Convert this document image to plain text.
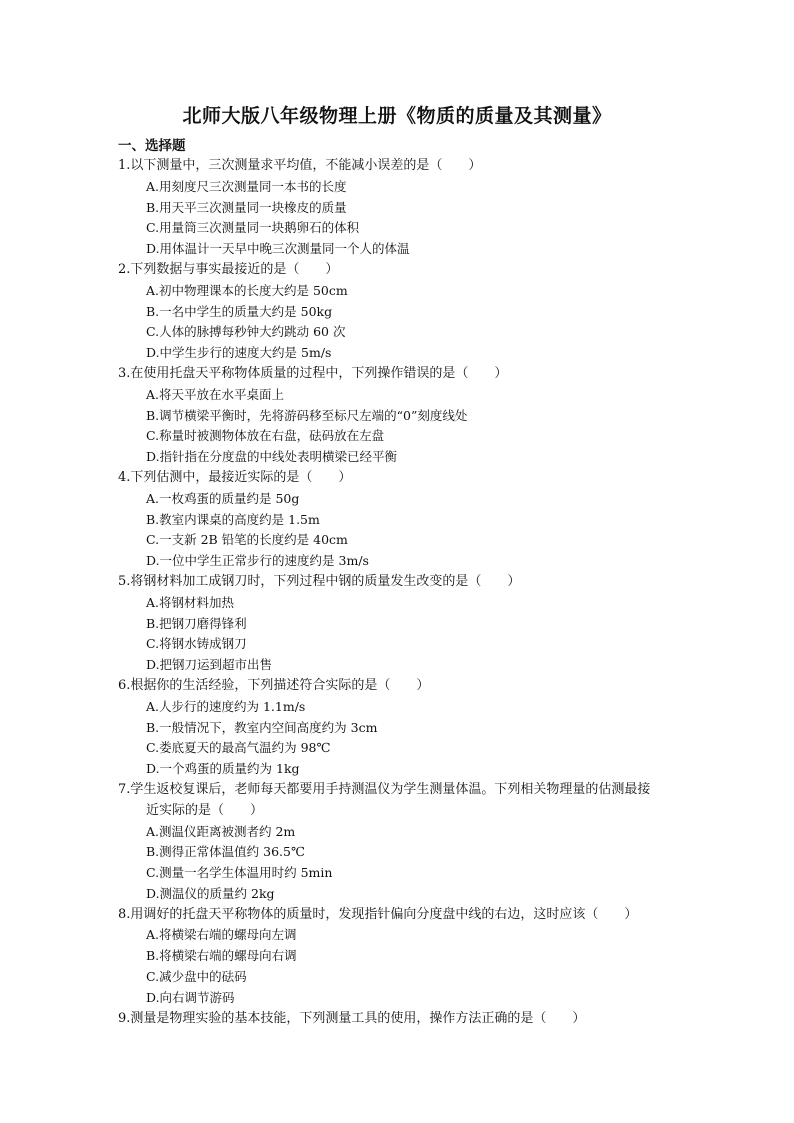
北师大版八年级物理上册《物质的质量及其测量》
一、选择题
1.以下测量中，三次测量求平均值，不能减小误差的是（　　）
A.用刻度尺三次测量同一本书的长度
B.用天平三次测量同一块橡皮的质量
C.用量筒三次测量同一块鹅卵石的体积
D.用体温计一天早中晚三次测量同一个人的体温
2.下列数据与事实最接近的是（　　）
A.初中物理课本的长度大约是 50cm
B.一名中学生的质量大约是 50kg
C.人体的脉搏每秒钟大约跳动 60 次
D.中学生步行的速度大约是 5m/s
3.在使用托盘天平称物体质量的过程中，下列操作错误的是（　　）
A.将天平放在水平桌面上
B.调节横梁平衡时，先将游码移至标尺左端的“0”刻度线处
C.称量时被测物体放在右盘，砝码放在左盘
D.指针指在分度盘的中线处表明横梁已经平衡
4.下列估测中，最接近实际的是（　　）
A.一枚鸡蛋的质量约是 50g
B.教室内课桌的高度约是 1.5m
C.一支新 2B 铅笔的长度约是 40cm
D.一位中学生正常步行的速度约是 3m/s
5.将钢材料加工成钢刀时，下列过程中钢的质量发生改变的是（　　）
A.将钢材料加热
B.把钢刀磨得锋利
C.将钢水铸成钢刀
D.把钢刀运到超市出售
6.根据你的生活经验，下列描述符合实际的是（　　）
A.人步行的速度约为 1.1m/s
B.一般情况下，教室内空间高度约为 3cm
C.娄底夏天的最高气温约为 98℃
D.一个鸡蛋的质量约为 1kg
7.学生返校复课后，老师每天都要用手持测温仪为学生测量体温。下列相关物理量的估测最接
近实际的是（　　）
A.测温仪距离被测者约 2m
B.测得正常体温值约 36.5℃
C.测量一名学生体温用时约 5min
D.测温仪的质量约 2kg
8.用调好的托盘天平称物体的质量时，发现指针偏向分度盘中线的右边，这时应该（　　）
A.将横梁右端的螺母向左调
B.将横梁右端的螺母向右调
C.减少盘中的砝码
D.向右调节游码
9.测量是物理实验的基本技能，下列测量工具的使用，操作方法正确的是（　　）
